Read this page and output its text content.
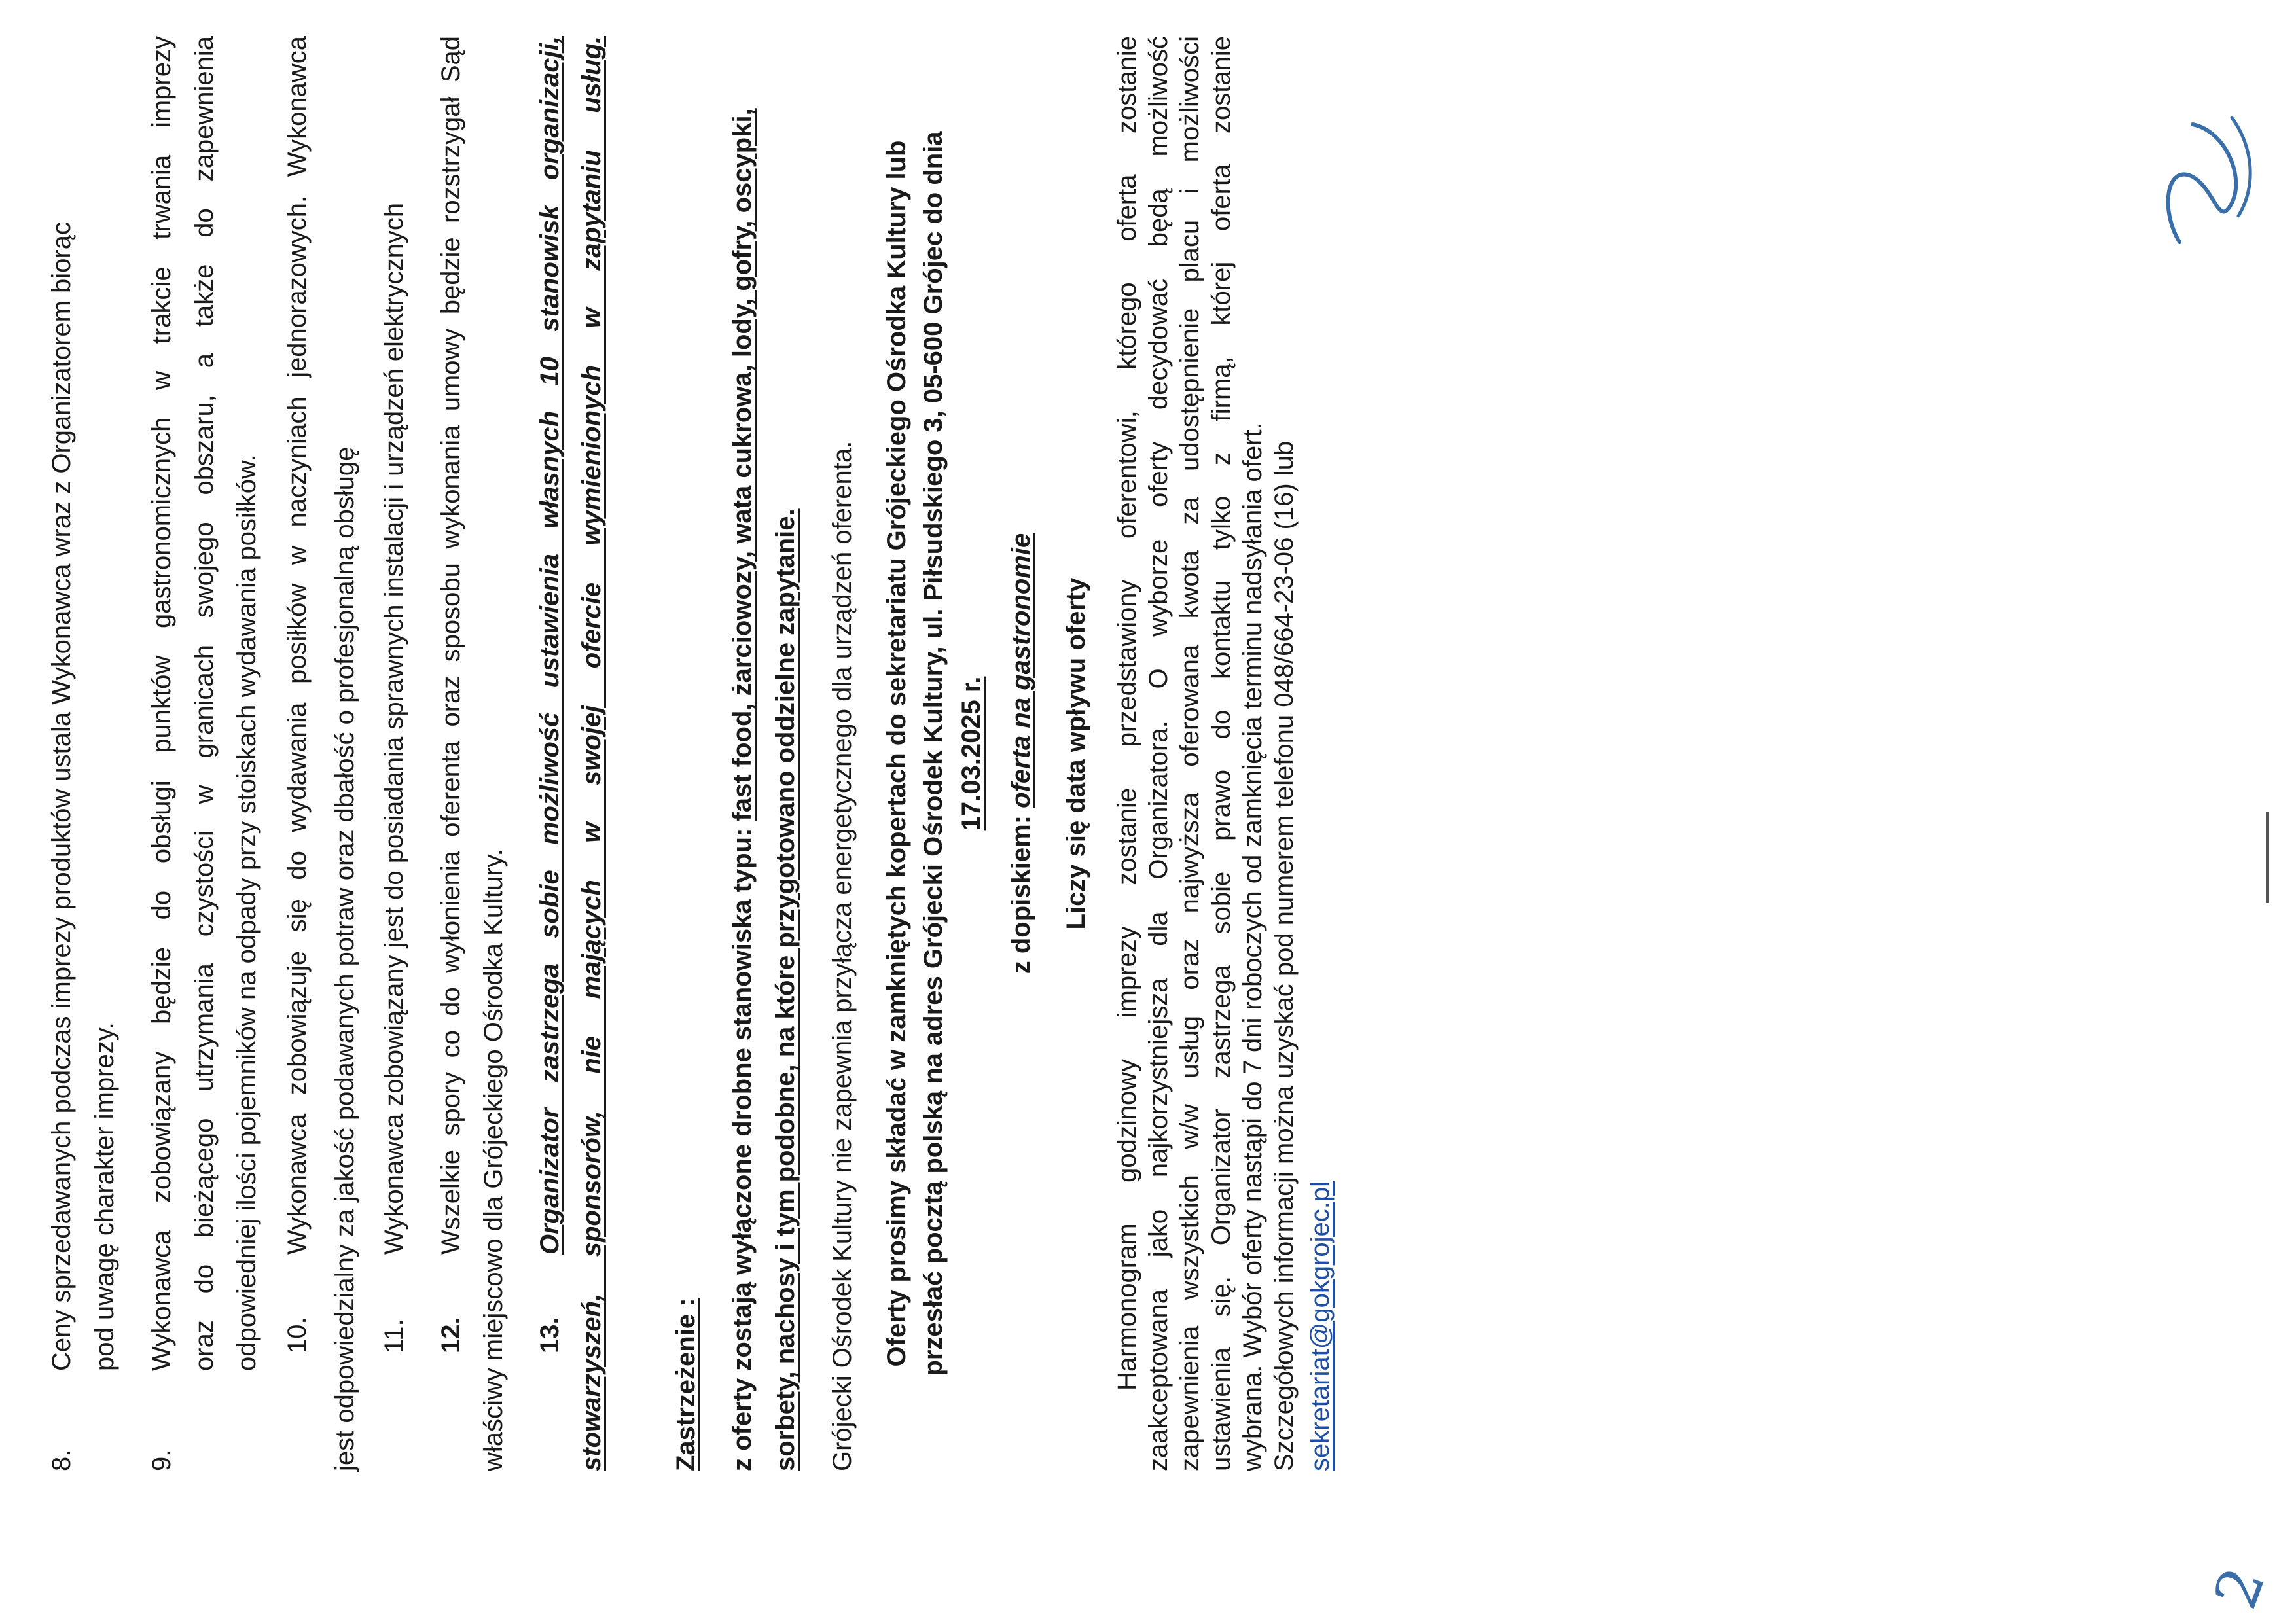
8.
Ceny sprzedawanych podczas imprezy produktów ustala Wykonawca wraz z Organizatorem biorąc pod uwagę charakter imprezy.
9.
Wykonawca zobowiązany będzie do obsługi punktów gastronomicznych w trakcie trwania imprezy oraz do bieżącego utrzymania czystości w granicach swojego obszaru, a także do zapewnienia odpowiedniej ilości pojemników na odpady przy stoiskach wydawania posiłków. 10.
Wykonawca zobowiązuje się do wydawania posiłków w naczyniach jednorazowych. Wykonawca jest odpowiedzialny za jakość podawanych potraw oraz dbałość o profesjonalną obsługę 11.
Wykonawca zobowiązany jest do posiadania sprawnych instalacji i urządzeń elektrycznych
12.
Wszelkie spory co do wyłonienia oferenta oraz sposobu wykonania umowy będzie rozstrzygał Sąd właściwy miejscowo dla Grójeckiego Ośrodka Kultury. 13.
Organizator zastrzega sobie możliwość ustawienia własnych 10 stanowisk organizacji, stowarzyszeń, sponsorów, nie mających w swojej ofercie wymienionych w zapytaniu usług.	Zastrzeżenie : z oferty zostają wyłączone drobne stanowiska typu: fast food, żarciowozy, wata cukrowa, lody, gofry, oscypki,
sorbety, nachosy i tym podobne, na które przygotowano oddzielne zapytanie. Grójecki Ośrodek Kultury nie zapewnia przyłącza energetycznego dla urządzeń oferenta. Oferty prosimy składać w zamkniętych kopertach do sekretariatu Grójeckiego Ośrodka Kultury lub przesłać pocztą polską na adres Grójecki Ośrodek Kultury, ul. Piłsudskiego 3, 05-600 Grójec do dnia 17.03.2025 r.
z dopiskiem: oferta na gastronomie Liczy się data wpływu oferty Harmonogram godzinowy imprezy zostanie przedstawiony oferentowi, którego oferta zostanie zaakceptowana jako najkorzystniejsza dla Organizatora. O wyborze oferty decydować będą możliwość zapewnienia wszystkich w/w usług oraz najwyższa oferowana kwota za udostępnienie placu i możliwości ustawienia się. Organizator zastrzega sobie prawo do kontaktu tylko z firmą, której oferta zostanie wybrana. Wybór oferty nastąpi do 7 dni roboczych od zamknięcia terminu nadsyłania ofert. Szczegółowych informacji można uzyskać pod numerem telefonu 048/664-23-06 (16) lub sekretariat@gokgrojec.pl
2
